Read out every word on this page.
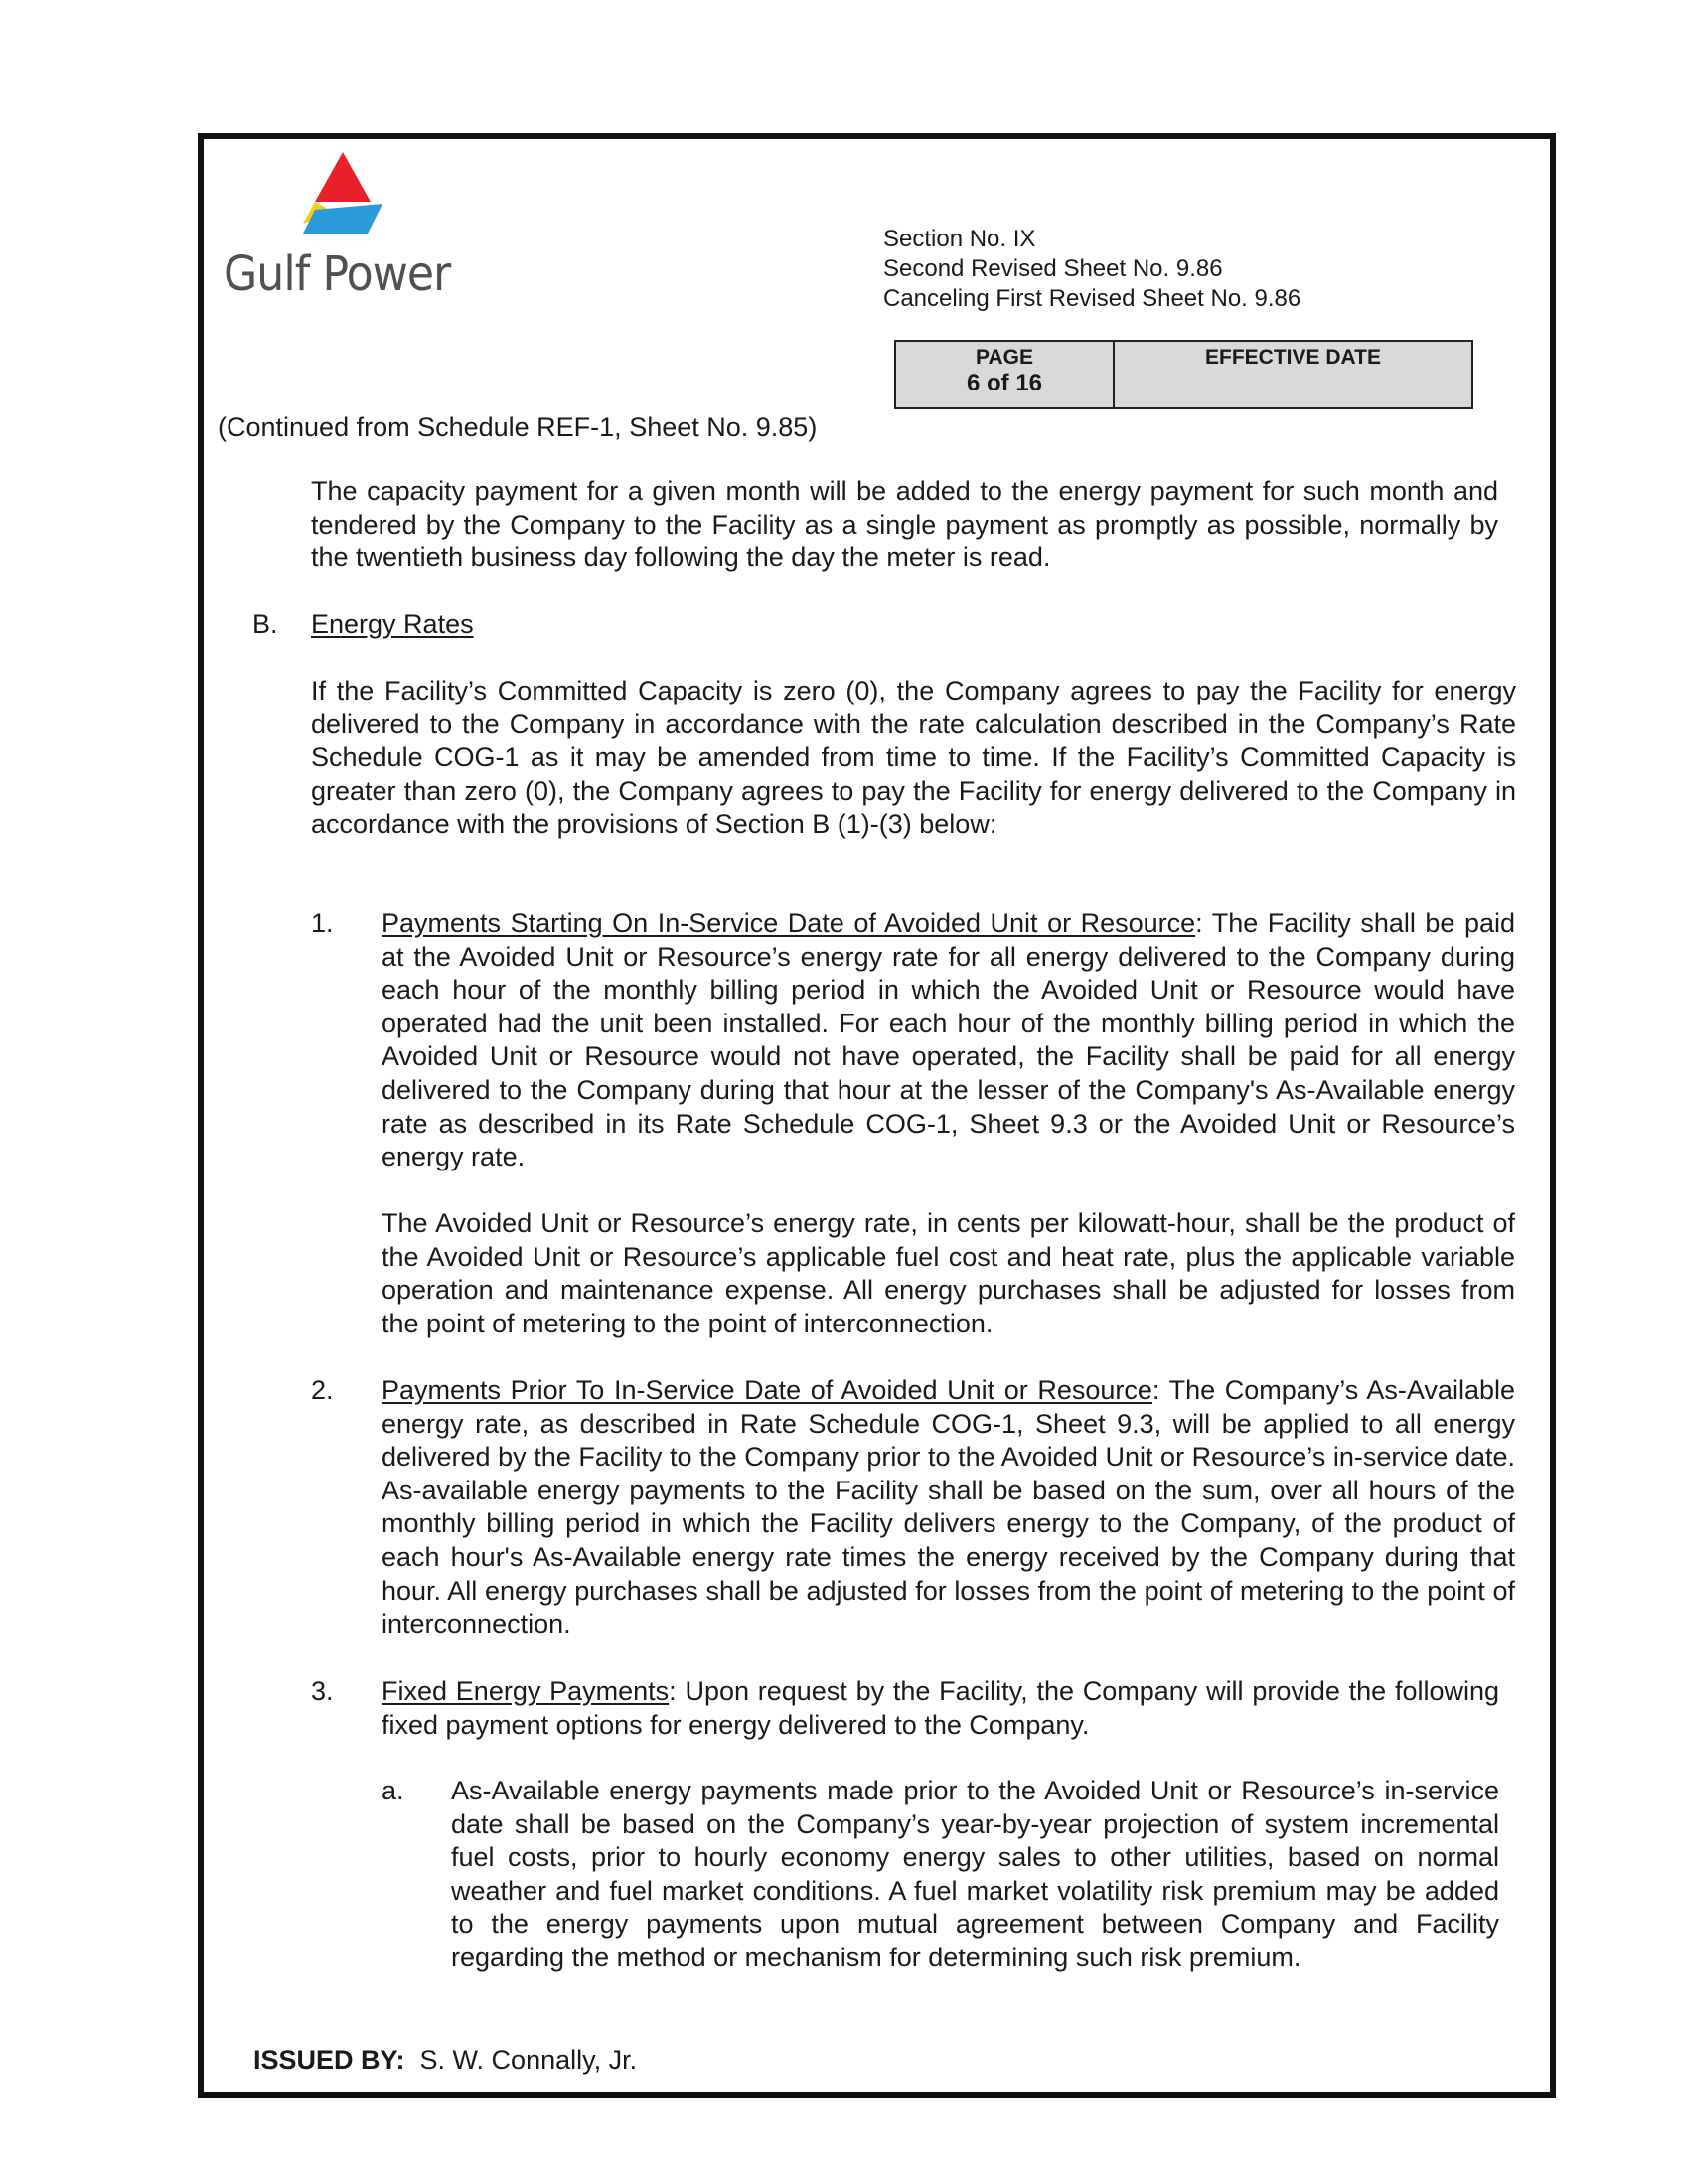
Gulf Power
Section No. IX
Second Revised Sheet No. 9.86
Canceling First Revised Sheet No. 9.86
PAGE
6 of 16
EFFECTIVE DATE
(Continued from Schedule REF-1, Sheet No. 9.85)

The capacity payment for a given month will be added to the energy payment for such month and tendered by the Company to the Facility as a single payment as promptly as possible, normally by the twentieth business day following the day the meter is read.

B. Energy Rates

If the Facility’s Committed Capacity is zero (0), the Company agrees to pay the Facility for energy delivered to the Company in accordance with the rate calculation described in the Company’s Rate Schedule COG-1 as it may be amended from time to time. If the Facility’s Committed Capacity is greater than zero (0), the Company agrees to pay the Facility for energy delivered to the Company in accordance with the provisions of Section B (1)-(3) below:

1. Payments Starting On In-Service Date of Avoided Unit or Resource: The Facility shall be paid at the Avoided Unit or Resource’s energy rate for all energy delivered to the Company during each hour of the monthly billing period in which the Avoided Unit or Resource would have operated had the unit been installed. For each hour of the monthly billing period in which the Avoided Unit or Resource would not have operated, the Facility shall be paid for all energy delivered to the Company during that hour at the lesser of the Company's As-Available energy rate as described in its Rate Schedule COG-1, Sheet 9.3 or the Avoided Unit or Resource’s energy rate.

The Avoided Unit or Resource’s energy rate, in cents per kilowatt-hour, shall be the product of the Avoided Unit or Resource’s applicable fuel cost and heat rate, plus the applicable variable operation and maintenance expense. All energy purchases shall be adjusted for losses from the point of metering to the point of interconnection.

2. Payments Prior To In-Service Date of Avoided Unit or Resource: The Company’s As-Available energy rate, as described in Rate Schedule COG-1, Sheet 9.3, will be applied to all energy delivered by the Facility to the Company prior to the Avoided Unit or Resource’s in-service date. As-available energy payments to the Facility shall be based on the sum, over all hours of the monthly billing period in which the Facility delivers energy to the Company, of the product of each hour's As-Available energy rate times the energy received by the Company during that hour. All energy purchases shall be adjusted for losses from the point of metering to the point of interconnection.

3. Fixed Energy Payments: Upon request by the Facility, the Company will provide the following fixed payment options for energy delivered to the Company.

a. As-Available energy payments made prior to the Avoided Unit or Resource’s in-service date shall be based on the Company’s year-by-year projection of system incremental fuel costs, prior to hourly economy energy sales to other utilities, based on normal weather and fuel market conditions. A fuel market volatility risk premium may be added to the energy payments upon mutual agreement between Company and Facility regarding the method or mechanism for determining such risk premium.

ISSUED BY: S. W. Connally, Jr.
